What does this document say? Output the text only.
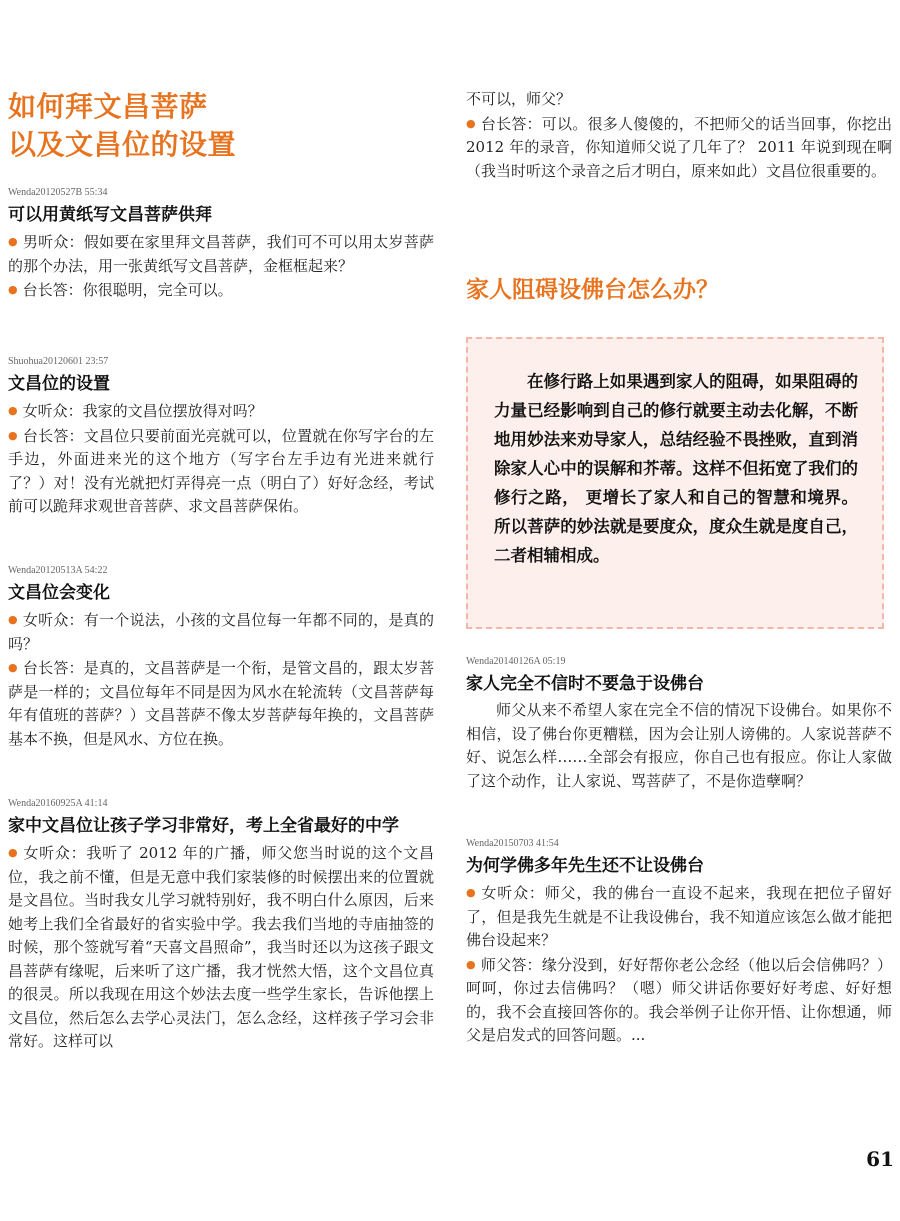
如何拜文昌菩萨
以及文昌位的设置

Wenda20120527B 55:34

可以用黄纸写文昌菩萨供拜

● 男听众：假如要在家里拜文昌菩萨，我们可不可以用太岁菩萨的那个办法，用一张黄纸写文昌菩萨，金框框起来？

● 台长答：你很聪明，完全可以。

Shuohua20120601 23:57

文昌位的设置

● 女听众：我家的文昌位摆放得对吗？

● 台长答：文昌位只要前面光亮就可以，位置就在你写字台的左手边，外面进来光的这个地方（写字台左手边有光进来就行了？）对！没有光就把灯弄得亮一点（明白了）好好念经，考试前可以跪拜求观世音菩萨、求文昌菩萨保佑。

Wenda20120513A 54:22

文昌位会变化

● 女听众：有一个说法，小孩的文昌位每一年都不同的，是真的吗？

● 台长答：是真的，文昌菩萨是一个衔，是管文昌的，跟太岁菩萨是一样的；文昌位每年不同是因为风水在轮流转（文昌菩萨每年有值班的菩萨？）文昌菩萨不像太岁菩萨每年换的，文昌菩萨基本不换，但是风水、方位在换。

Wenda20160925A 41:14

家中文昌位让孩子学习非常好，考上全省最好的中学

● 女听众：我听了 2012 年的广播，师父您当时说的这个文昌位，我之前不懂，但是无意中我们家装修的时候摆出来的位置就是文昌位。当时我女儿学习就特别好，我不明白什么原因，后来她考上我们全省最好的省实验中学。我去我们当地的寺庙抽签的时候，那个签就写着“天喜文昌照命”，我当时还以为这孩子跟文昌菩萨有缘呢，后来听了这广播，我才恍然大悟，这个文昌位真的很灵。所以我现在用这个妙法去度一些学生家长，告诉他摆上文昌位，然后怎么去学心灵法门，怎么念经，这样孩子学习会非常好。这样可以

不可以，师父？

● 台长答：可以。很多人傻傻的，不把师父的话当回事，你挖出 2012 年的录音，你知道师父说了几年了？ 2011 年说到现在啊（我当时听这个录音之后才明白，原来如此）文昌位很重要的。

家人阻碍设佛台怎么办？

在修行路上如果遇到家人的阻碍，如果阻碍的力量已经影响到自己的修行就要主动去化解，不断地用妙法来劝导家人，总结经验不畏挫败，直到消除家人心中的误解和芥蒂。这样不但拓宽了我们的修行之路， 更增长了家人和自己的智慧和境界。所以菩萨的妙法就是要度众，度众生就是度自己， 二者相辅相成。

Wenda20140126A 05:19

家人完全不信时不要急于设佛台

师父从来不希望人家在完全不信的情况下设佛台。如果你不相信，设了佛台你更糟糕，因为会让别人谤佛的。人家说菩萨不好、说怎么样……全部会有报应，你自己也有报应。你让人家做了这个动作，让人家说、骂菩萨了，不是你造孽啊？

Wenda20150703 41:54

为何学佛多年先生还不让设佛台

● 女听众：师父，我的佛台一直设不起来，我现在把位子留好了，但是我先生就是不让我设佛台，我不知道应该怎么做才能把佛台设起来？

● 师父答：缘分没到，好好帮你老公念经（他以后会信佛吗？）呵呵，你过去信佛吗？（嗯）师父讲话你要好好考虑、好好想的，我不会直接回答你的。我会举例子让你开悟、让你想通，师父是启发式的回答问题。...

61
